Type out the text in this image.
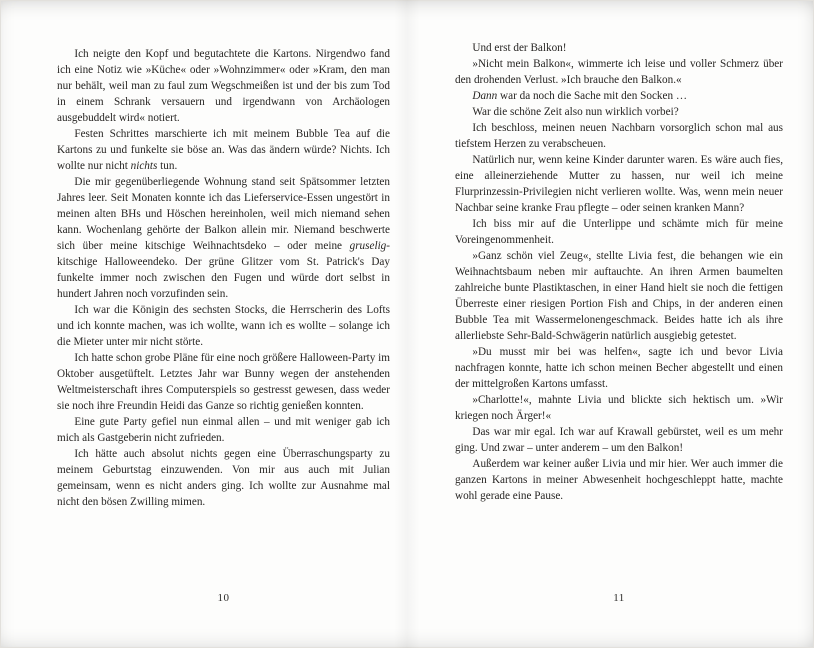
Ich neigte den Kopf und begutachtete die Kartons. Nirgendwo fand ich eine Notiz wie »Küche« oder »Wohnzimmer« oder »Kram, den man nur behält, weil man zu faul zum Wegschmeißen ist und der bis zum Tod in einem Schrank versauern und irgendwann von Archäologen ausgebuddelt wird« notiert.

Festen Schrittes marschierte ich mit meinem Bubble Tea auf die Kartons zu und funkelte sie böse an. Was das ändern würde? Nichts. Ich wollte nur nicht nichts tun.

Die mir gegenüberliegende Wohnung stand seit Spätsommer letzten Jahres leer. Seit Monaten konnte ich das Lieferservice-Essen ungestört in meinen alten BHs und Höschen hereinholen, weil mich niemand sehen kann. Wochenlang gehörte der Balkon allein mir. Niemand beschwerte sich über meine kitschige Weihnachtsdeko – oder meine gruselig-kitschige Halloweendeko. Der grüne Glitzer vom St. Patrick's Day funkelte immer noch zwischen den Fugen und würde dort selbst in hundert Jahren noch vorzufinden sein.

Ich war die Königin des sechsten Stocks, die Herrscherin des Lofts und ich konnte machen, was ich wollte, wann ich es wollte – solange ich die Mieter unter mir nicht störte.

Ich hatte schon grobe Pläne für eine noch größere Halloween-Party im Oktober ausgetüftelt. Letztes Jahr war Bunny wegen der anstehenden Weltmeisterschaft ihres Computerspiels so gestresst gewesen, dass weder sie noch ihre Freundin Heidi das Ganze so richtig genießen konnten.

Eine gute Party gefiel nun einmal allen – und mit weniger gab ich mich als Gastgeberin nicht zufrieden.

Ich hätte auch absolut nichts gegen eine Überraschungsparty zu meinem Geburtstag einzuwenden. Von mir aus auch mit Julian gemeinsam, wenn es nicht anders ging. Ich wollte zur Ausnahme mal nicht den bösen Zwilling mimen.

10

Und erst der Balkon!

»Nicht mein Balkon«, wimmerte ich leise und voller Schmerz über den drohenden Verlust. »Ich brauche den Balkon.«

Dann war da noch die Sache mit den Socken …

War die schöne Zeit also nun wirklich vorbei?

Ich beschloss, meinen neuen Nachbarn vorsorglich schon mal aus tiefstem Herzen zu verabscheuen.

Natürlich nur, wenn keine Kinder darunter waren. Es wäre auch fies, eine alleinerziehende Mutter zu hassen, nur weil ich meine Flurprinzessin-Privilegien nicht verlieren wollte. Was, wenn mein neuer Nachbar seine kranke Frau pflegte – oder seinen kranken Mann?

Ich biss mir auf die Unterlippe und schämte mich für meine Voreingenommenheit.

»Ganz schön viel Zeug«, stellte Livia fest, die behangen wie ein Weihnachtsbaum neben mir auftauchte. An ihren Armen baumelten zahlreiche bunte Plastiktaschen, in einer Hand hielt sie noch die fettigen Überreste einer riesigen Portion Fish and Chips, in der anderen einen Bubble Tea mit Wassermelonengeschmack. Beides hatte ich als ihre allerliebste Sehr-Bald-Schwägerin natürlich ausgiebig getestet.

»Du musst mir bei was helfen«, sagte ich und bevor Livia nachfragen konnte, hatte ich schon meinen Becher abgestellt und einen der mittelgroßen Kartons umfasst.

»Charlotte!«, mahnte Livia und blickte sich hektisch um. »Wir kriegen noch Ärger!«

Das war mir egal. Ich war auf Krawall gebürstet, weil es um mehr ging. Und zwar – unter anderem – um den Balkon!

Außerdem war keiner außer Livia und mir hier. Wer auch immer die ganzen Kartons in meiner Abwesenheit hochgeschleppt hatte, machte wohl gerade eine Pause.

11
